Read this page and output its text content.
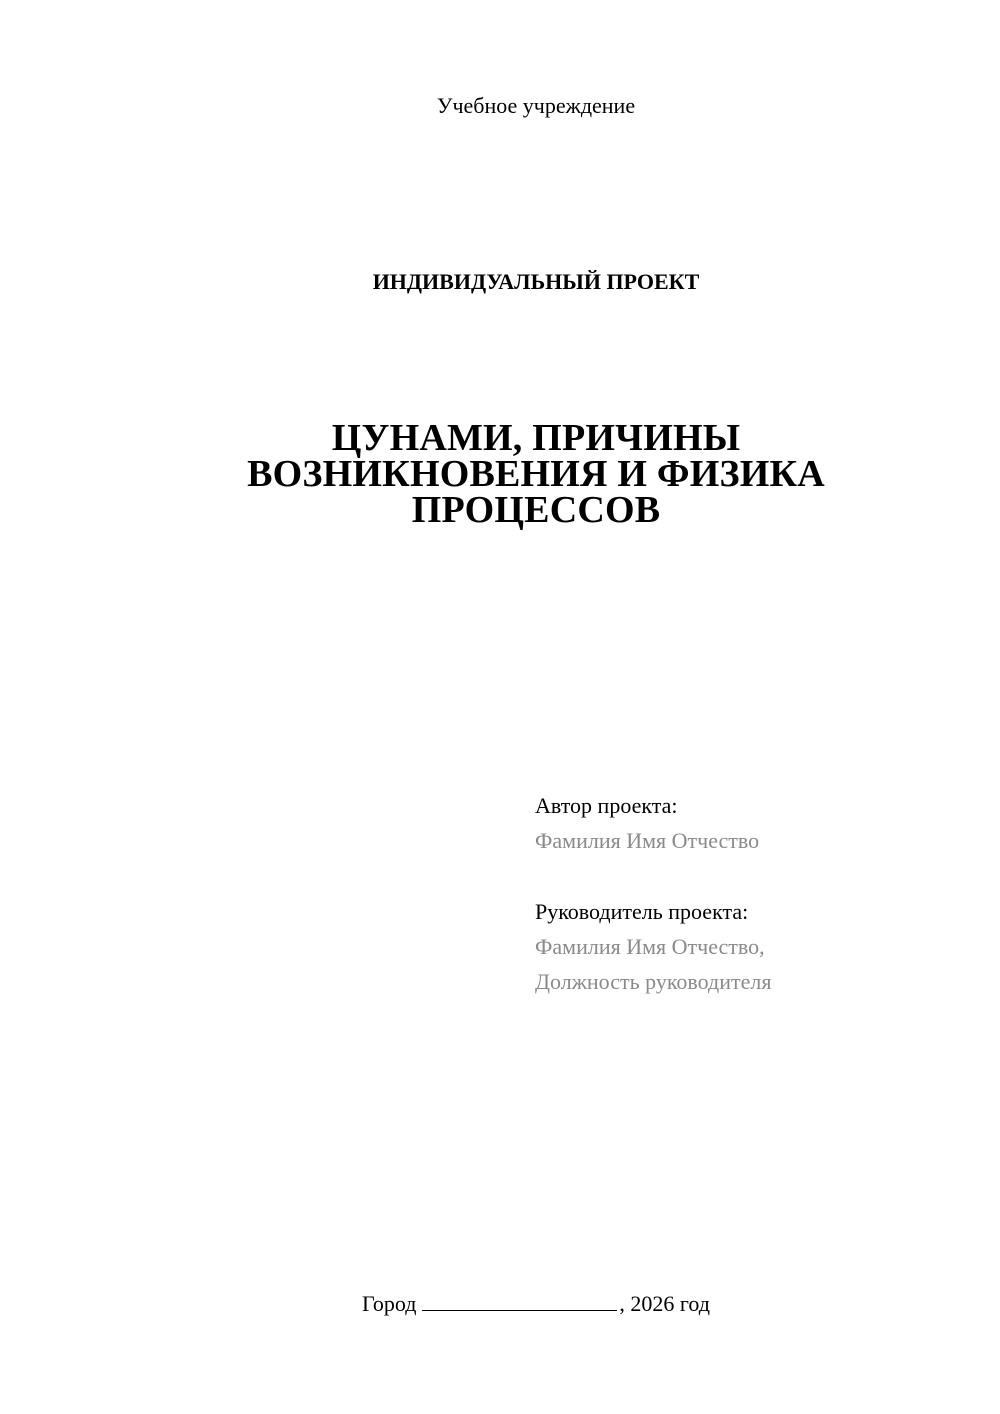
Учебное учреждение
ИНДИВИДУАЛЬНЫЙ ПРОЕКТ
ЦУНАМИ, ПРИЧИНЫ
ВОЗНИКНОВЕНИЯ И ФИЗИКА
ПРОЦЕССОВ
Автор проекта:
Фамилия Имя Отчество
Руководитель проекта:
Фамилия Имя Отчество,
Должность руководителя
Город	, 2026 год
